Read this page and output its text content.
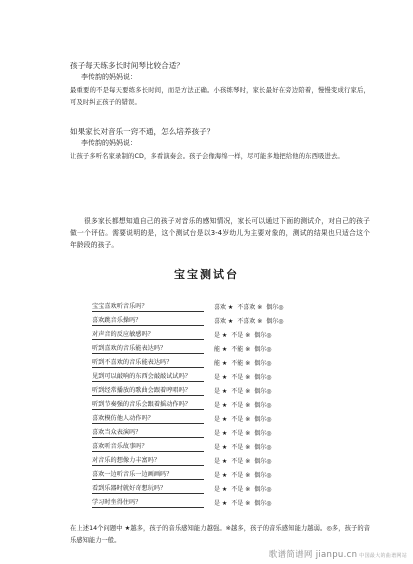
孩子每天练多长时间琴比较合适？

李传韵的妈妈说：

最重要的不是每天要练多长时间，而是方法正确。小孩练琴时，家长最好在旁边陪着，慢慢变成行家后，可及时纠正孩子的错误。

如果家长对音乐一窍不通，怎么培养孩子？

李传韵的妈妈说：

让孩子多听名家录制的CD，多看演奏会。孩子会像海绵一样，尽可能多地把给他的东西吸进去。

很多家长都想知道自己的孩子对音乐的感知情况，家长可以通过下面的测试介，对自己的孩子做一个评估。需要说明的是，这个测试台是以3-4岁幼儿为主要对象的，测试的结果也只适合这个年龄段的孩子。

宝宝测试台
宝宝喜欢听音乐吗？	喜欢 ★ 不喜欢 ※ 偶尔◎
喜欢跳音乐操吗？	喜欢 ★ 不喜欢 ※ 偶尔◎
对声音的反应敏感吗？	是 ★ 不是 ※ 偶尔◎
听到喜欢的音乐能表达吗？	能 ★ 不能 ※ 偶尔◎
听到不喜欢的音乐能表达吗？	能 ★ 不能 ※ 偶尔◎
见到可以敲响的东西会敲敲试试吗？	是 ★ 不是 ※ 偶尔◎
听到经常播放的歌曲会跟着哼唱吗？	是 ★ 不是 ※ 偶尔◎
听到节奏强的音乐会跟着摇动作吗？	是 ★ 不是 ※ 偶尔◎
喜欢模仿他人动作吗？	是 ★ 不是 ※ 偶尔◎
喜欢当众表演吗？	是 ★ 不是 ※ 偶尔◎
喜欢听音乐故事吗？	是 ★ 不是 ※ 偶尔◎
对音乐的想像力丰富吗？	是 ★ 不是 ※ 偶尔◎
喜欢一边听音乐一边画画吗？	是 ★ 不是 ※ 偶尔◎
看到乐器时就好奇想玩吗？	是 ★ 不是 ※ 偶尔◎
学习时坐得住吗？	是 ★ 不是 ※ 偶尔◎

在上述14个问题中 ★越多，孩子的音乐感知能力越强。※越多，孩子的音乐感知能力越弱。◎多，孩子的音乐感知能力一般。

歌谱简谱网 jianpu.cn 中国最大的曲谱网站
